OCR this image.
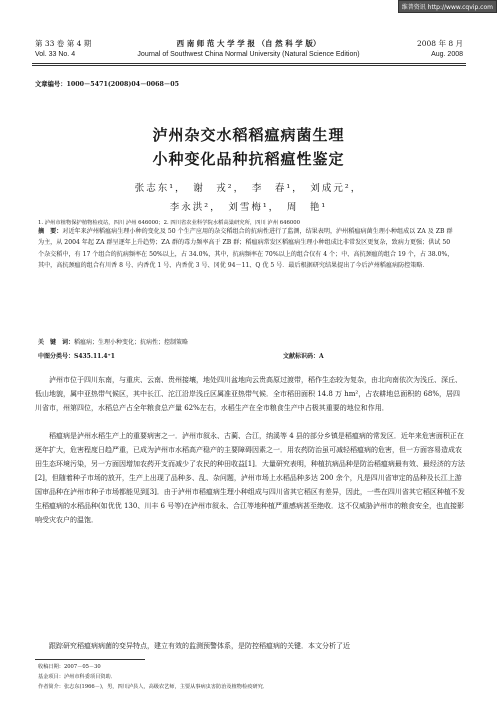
维普资讯 http://www.cqvip.com
第 33 卷 第 4 期	西 南 师 范 大 学 学 报 （自 然 科 学 版）	2008 年 8 月
Vol. 33 No. 4	Journal of Southwest China Normal University (Natural Science Edition)	Aug. 2008
文章编号：1000－5471(2008)04－0068－05
泸州杂交水稻稻瘟病菌生理
小种变化品种抗稻瘟性鉴定
张志东¹，　谢　戎²，　李　春¹，　刘成元²，
李永洪²，　刘雪梅¹，　周　艳¹
1. 泸州市植物保护植物检疫站，四川 泸州 646000；2. 四川省农业科学院水稻高粱研究所，四川 泸州 646000
摘　要：对近年来泸州稻瘟病生理小种的变化及 50 个生产应用的杂交稻组合的抗病性进行了监测，结果表明，泸州稻瘟病菌生理小种组成以 ZA 及 ZB 群为主，从 2004 年起 ZA 群呈逐年上升趋势；ZA 群的毒力频率高于 ZB 群；稻瘟病常发区稻瘟病生理小种组成比非常发区更复杂，致病力更强；供试 50 个杂交稻中，有 17 个组合的抗病频率在 50%以上，占 34.0%，其中，抗病频率在 70%以上的组合仅有 4 个；中、高抗颈瘟的组合 19 个，占 38.0%，其中，高抗颈瘟的组合有川香 8 号、内香优 1 号、内香优 3 号、冈优 94－11、Q 优 5 号．最后根据研究结果提出了今后泸州稻瘟病防控策略．
关　键　词：稻瘟病；生理小种变化；抗病性；控制策略
中图分类号：S435.11.4⁺1	文献标识码：A

泸州市位于四川东南，与重庆、云南、贵州接壤，地处四川盆地向云贵高原过渡带，稻作生态较为复杂，由北向南依次为浅丘、深丘、低山地貌，属中亚热带气候区，其中长江、沱江沿岸浅丘区属准亚热带气候．全市稻田面积 14.8 万 hm²，占农耕地总面积的 68%，居四川省市，州第四位，水稻总产占全年粮食总产量 62%左右，水稻生产在全市粮食生产中占极其重要的地位和作用．

稻瘟病是泸州水稻生产上的重要病害之一．泸州市叙永、古蔺、合江，纳溪等 4 县的部分乡镇是稻瘟病的常发区．近年来危害面积正在逐年扩大，危害程度日趋严重，已成为泸州市水稻高产稳产的主要障碍因素之一．用农药防治虽可减轻稻瘟病的危害，但一方面容易造成农田生态环境污染，另一方面因增加农药开支而减少了农民的种田收益[1]．大量研究表明，种植抗病品种是防治稻瘟病最有效、最经济的方法[2]，但随着种子市场的放开，生产上出现了品种多、乱、杂问题，泸州市场上水稻品种多达 200 余个，凡是四川省审定的品种及长江上游国审品种在泸州市种子市场都能见到[3]．由于泸州市稻瘟病生理小种组成与四川省其它稻区有差异，因此，一些在四川省其它稻区种植不发生稻瘟病的水稻品种(如优优 130、川丰 6 号等)在泸州市叙永、合江等地种植严重感病甚至绝收．这不仅威胁泸州市的粮食安全，也直接影响受灾农户的温饱．

跟踪研究稻瘟病病菌的变异特点，建立有效的监测预警体系，是防控稻瘟病的关键．本文分析了近

收稿日期：2007－05－30
基金项目：泸州市科委项目资助．
作者简介：张志东(1966－)，男，四川泸县人，高级农艺师，主要从事病虫害防治及植物检疫研究．
